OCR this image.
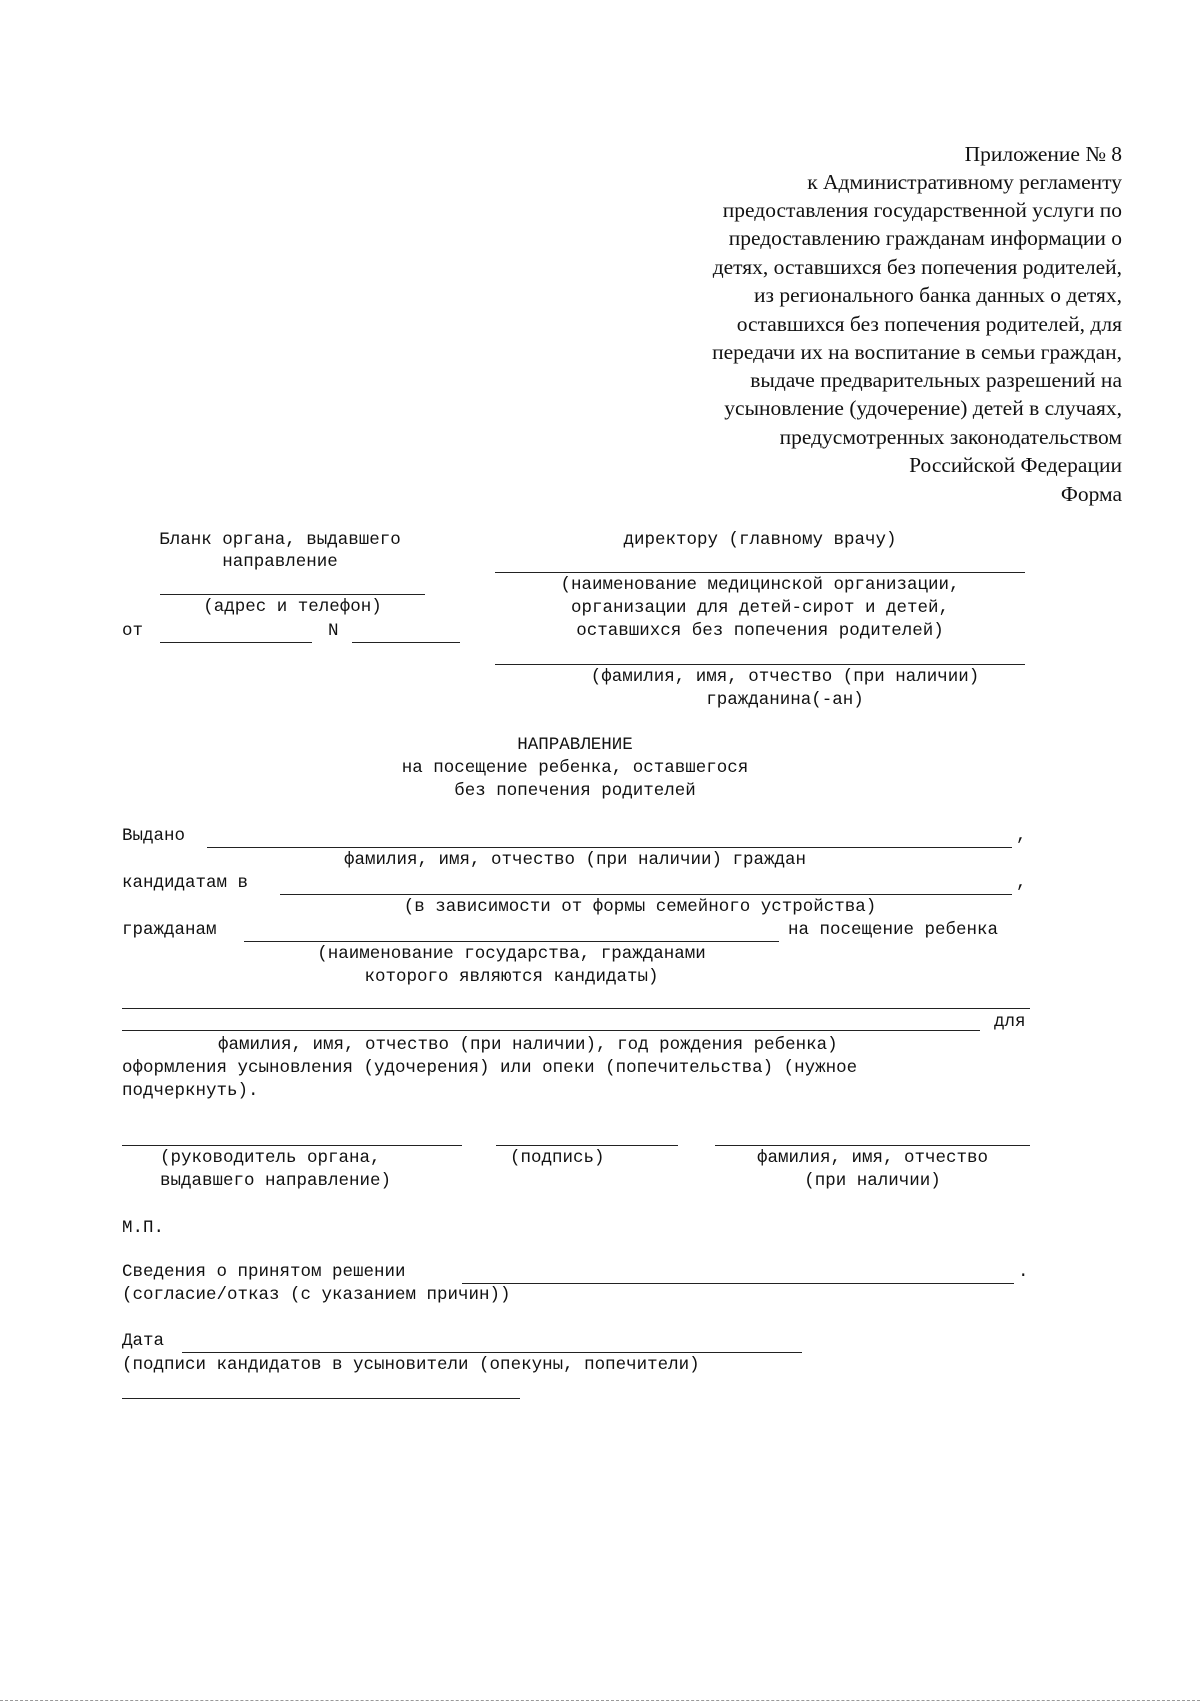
Приложение № 8
к Административному регламенту
предоставления государственной услуги по
предоставлению гражданам информации о
детях, оставшихся без попечения родителей,
из регионального банка данных о детях,
оставшихся без попечения родителей, для
передачи их на воспитание в семьи граждан,
выдаче предварительных разрешений на
усыновление (удочерение) детей в случаях,
предусмотренных законодательством
Российской Федерации
Форма
Бланк органа, выдавшего
направление
(адрес и телефон)
от	N
директору (главному врачу)
(наименование медицинской организации,
организации для детей-сирот и детей,
оставшихся без попечения родителей)
(фамилия, имя, отчество (при наличии)
гражданина(-ан)
НАПРАВЛЕНИЕ
на посещение ребенка, оставшегося
без попечения родителей
Выдано	,
фамилия, имя, отчество (при наличии) граждан
кандидатам в	,
(в зависимости от формы семейного устройства)
гражданам	на посещение ребенка
(наименование государства, гражданами
которого являются кандидаты)
для
фамилия, имя, отчество (при наличии), год рождения ребенка)
оформления усыновления (удочерения) или опеки (попечительства) (нужное
подчеркнуть).
(руководитель органа,
выдавшего направление)
(подпись)	фамилия, имя, отчество
(при наличии)
М.П.
Сведения о принятом решении	.
(согласие/отказ (с указанием причин))
Дата
(подписи кандидатов в усыновители (опекуны, попечители)
